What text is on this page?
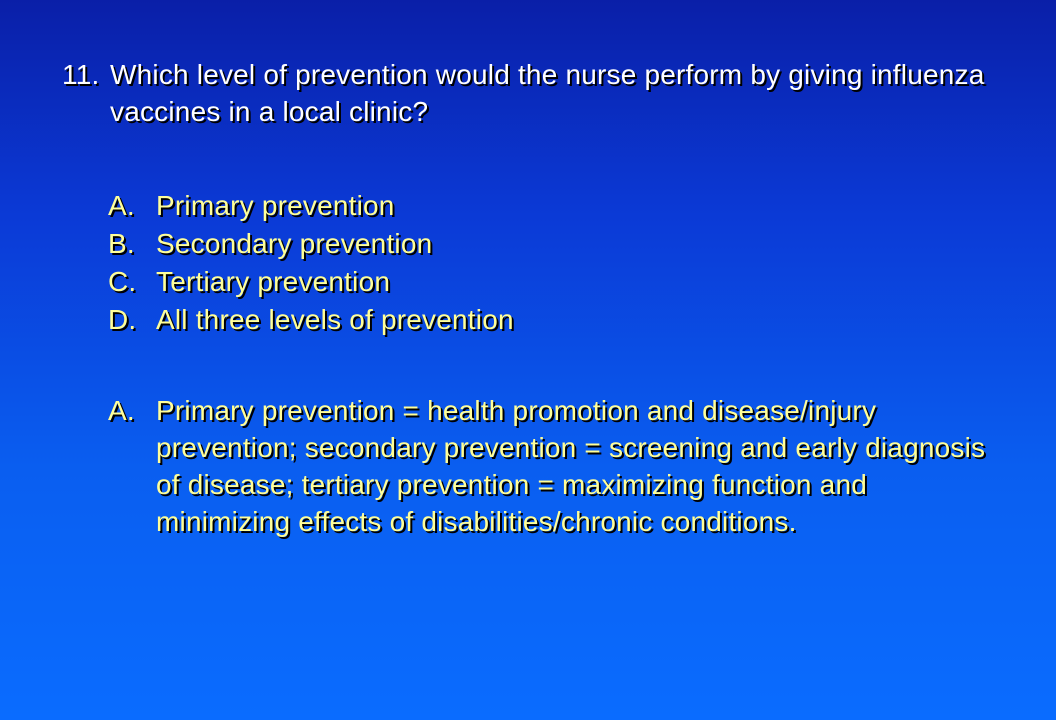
11. Which level of prevention would the nurse perform by giving influenza vaccines in a local clinic?
A. Primary prevention
B. Secondary prevention
C. Tertiary prevention
D. All three levels of prevention
A. Primary prevention = health promotion and disease/injury prevention; secondary prevention = screening and early diagnosis of disease; tertiary prevention = maximizing function and minimizing effects of disabilities/chronic conditions.
